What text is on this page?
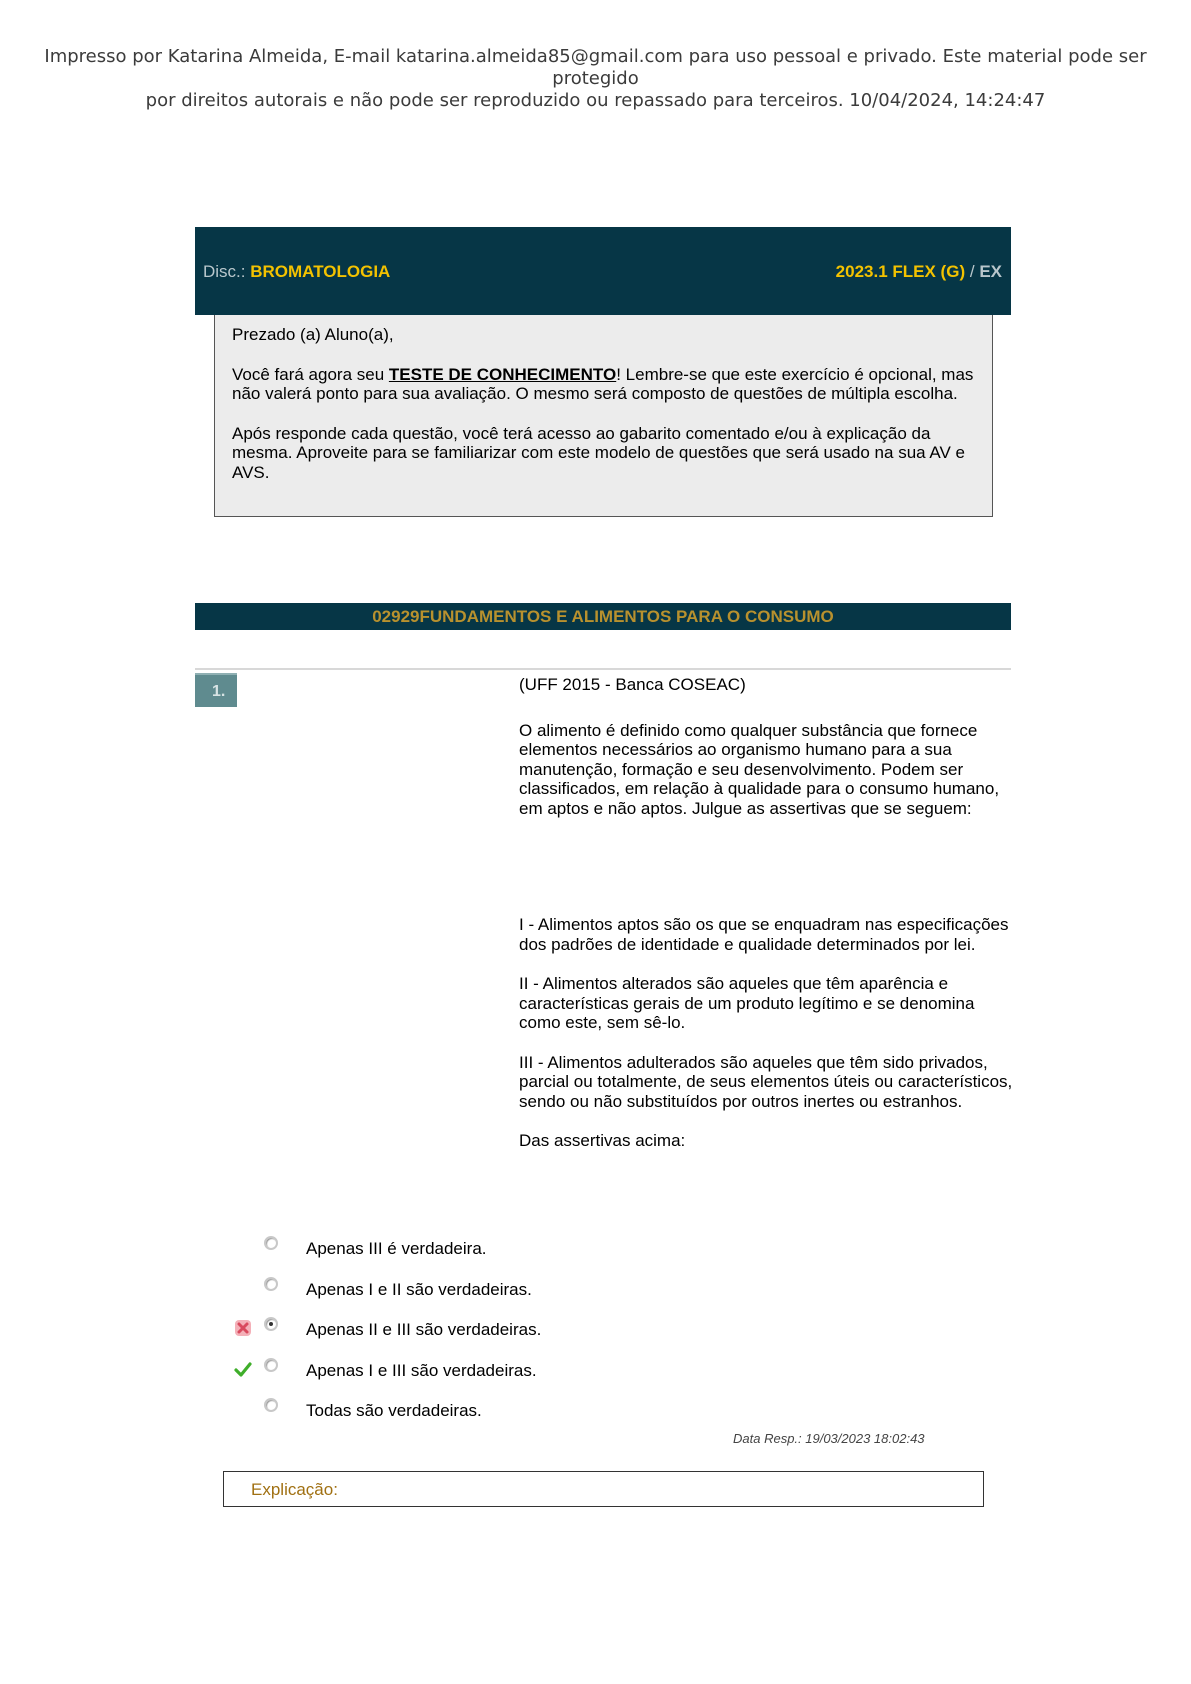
Impresso por Katarina Almeida, E-mail katarina.almeida85@gmail.com para uso pessoal e privado. Este material pode ser protegido
por direitos autorais e não pode ser reproduzido ou repassado para terceiros. 10/04/2024, 14:24:47
Disc.: BROMATOLOGIA	2023.1 FLEX (G) / EX

Prezado (a) Aluno(a),

Você fará agora seu TESTE DE CONHECIMENTO! Lembre-se que este exercício é opcional, mas não valerá ponto para sua avaliação. O mesmo será composto de questões de múltipla escolha.

Após responde cada questão, você terá acesso ao gabarito comentado e/ou à explicação da mesma. Aproveite para se familiarizar com este modelo de questões que será usado na sua AV e AVS.

02929FUNDAMENTOS E ALIMENTOS PARA O CONSUMO
1.	(UFF 2015 - Banca COSEAC)

O alimento é definido como qualquer substância que fornece elementos necessários ao organismo humano para a sua manutenção, formação e seu desenvolvimento. Podem ser classificados, em relação à qualidade para o consumo humano, em aptos e não aptos. Julgue as assertivas que se seguem:

I - Alimentos aptos são os que se enquadram nas especificações dos padrões de identidade e qualidade determinados por lei.

II - Alimentos alterados são aqueles que têm aparência e características gerais de um produto legítimo e se denomina como este, sem sê-lo.

III - Alimentos adulterados são aqueles que têm sido privados, parcial ou totalmente, de seus elementos úteis ou característicos, sendo ou não substituídos por outros inertes ou estranhos.

Das assertivas acima:

Apenas III é verdadeira.
Apenas I e II são verdadeiras.
Apenas II e III são verdadeiras.
Apenas I e III são verdadeiras.
Todas são verdadeiras.
Data Resp.: 19/03/2023 18:02:43
Explicação:
